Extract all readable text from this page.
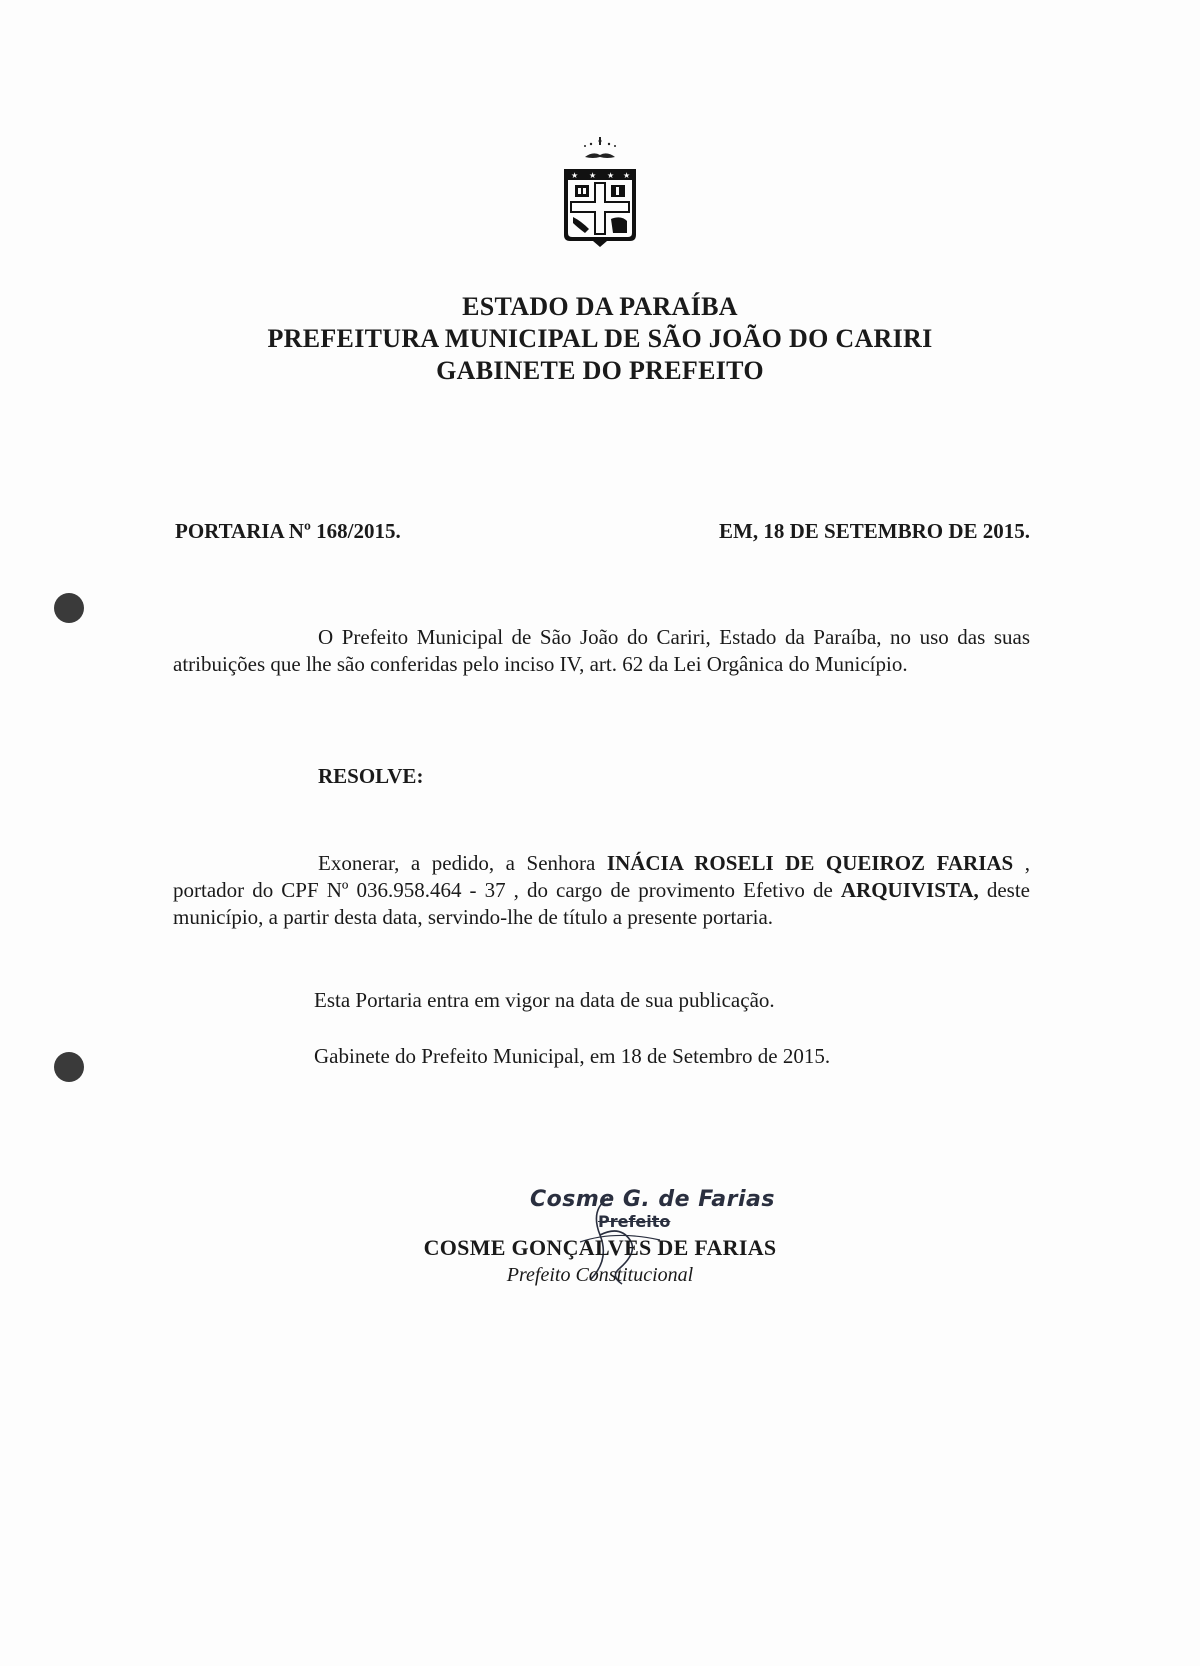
★ ★ ★ ★
ESTADO DA PARAÍBA
PREFEITURA MUNICIPAL DE SÃO JOÃO DO CARIRI
GABINETE DO PREFEITO
PORTARIA Nº 168/2015.	EM, 18 DE SETEMBRO DE 2015.
O Prefeito Municipal de São João do Cariri, Estado da Paraíba, no uso das suas atribuições que lhe são conferidas pelo inciso IV, art. 62 da Lei Orgânica do Município.
RESOLVE:
Exonerar, a pedido, a Senhora INÁCIA ROSELI DE QUEIROZ FARIAS , portador do CPF Nº 036.958.464 - 37 , do cargo de provimento Efetivo de ARQUIVISTA, deste município, a partir desta data, servindo-lhe de título a presente portaria.
Esta Portaria entra em vigor na data de sua publicação.
Gabinete do Prefeito Municipal, em 18 de Setembro de 2015.
Cosme G. de Farias
Prefeito
COSME GONÇALVES DE FARIAS
Prefeito Constitucional
